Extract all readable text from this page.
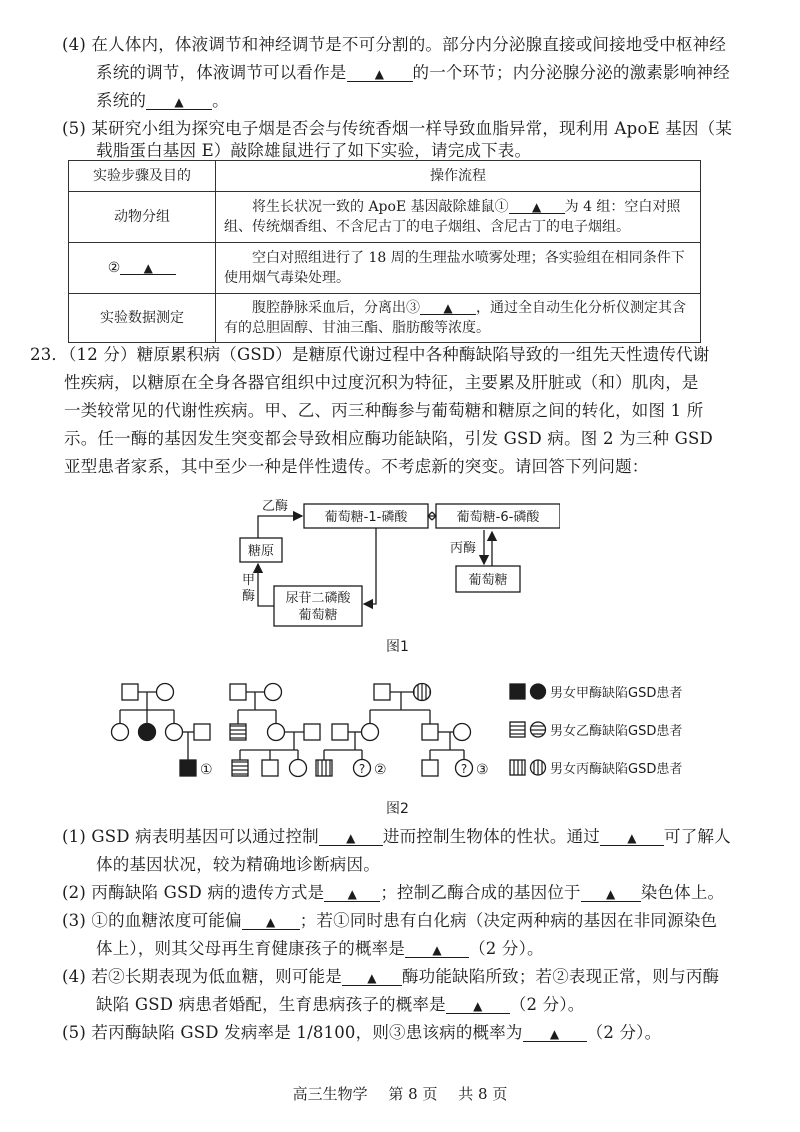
(4) 在人体内，体液调节和神经调节是不可分割的。部分内分泌腺直接或间接地受中枢神经
系统的调节，体液调节可以看作是 ▲ 的一个环节；内分泌腺分泌的激素影响神经
系统的 ▲ 。
(5) 某研究小组为探究电子烟是否会与传统香烟一样导致血脂异常，现利用 ApoE 基因（某
载脂蛋白基因 E）敲除雄鼠进行了如下实验，请完成下表。
实验步骤及目的	操作流程
动物分组	  将生长状况一致的 ApoE 基因敲除雄鼠① ▲ 为 4 组：空白对照组、传统烟香组、不含尼古丁的电子烟组、含尼古丁的电子烟组。
② ▲	  空白对照组进行了 18 周的生理盐水喷雾处理；各实验组在相同条件下使用烟气毒染处理。
实验数据测定	  腹腔静脉采血后，分离出③ ▲ ，通过全自动生化分析仪测定其含有的总胆固醇、甘油三酯、脂肪酸等浓度。
23．（12 分）糖原累积病（GSD）是糖原代谢过程中各种酶缺陷导致的一组先天性遗传代谢
性疾病，以糖原在全身各器官组织中过度沉积为特征，主要累及肝脏或（和）肌肉，是
一类较常见的代谢性疾病。甲、乙、丙三种酶参与葡萄糖和糖原之间的转化，如图 1 所
示。任一酶的基因发生突变都会导致相应酶功能缺陷，引发 GSD 病。图 2 为三种 GSD
亚型患者家系，其中至少一种是伴性遗传。不考虑新的突变。请回答下列问题：
乙酶
葡萄糖-1-磷酸	葡萄糖-6-磷酸
糖原	丙酶
甲
酶 尿苷二磷酸
葡萄糖
葡萄糖
图1
①	? ②	? ③
男女甲酶缺陷GSD患者
男女乙酶缺陷GSD患者
男女丙酶缺陷GSD患者
图2
(1) GSD 病表明基因可以通过控制 ▲ 进而控制生物体的性状。通过 ▲ 可了解人
体的基因状况，较为精确地诊断病因。
(2) 丙酶缺陷 GSD 病的遗传方式是 ▲ ；控制乙酶合成的基因位于 ▲ 染色体上。
(3) ①的血糖浓度可能偏 ▲ ；若①同时患有白化病（决定两种病的基因在非同源染色
体上），则其父母再生育健康孩子的概率是 ▲ （2 分）。
(4) 若②长期表现为低血糖，则可能是 ▲ 酶功能缺陷所致；若②表现正常，则与丙酶
缺陷 GSD 病患者婚配，生育患病孩子的概率是 ▲ （2 分）。
(5) 若丙酶缺陷 GSD 发病率是 1/8100，则③患该病的概率为 ▲ （2 分）。
高三生物学 第 8 页 共 8 页
